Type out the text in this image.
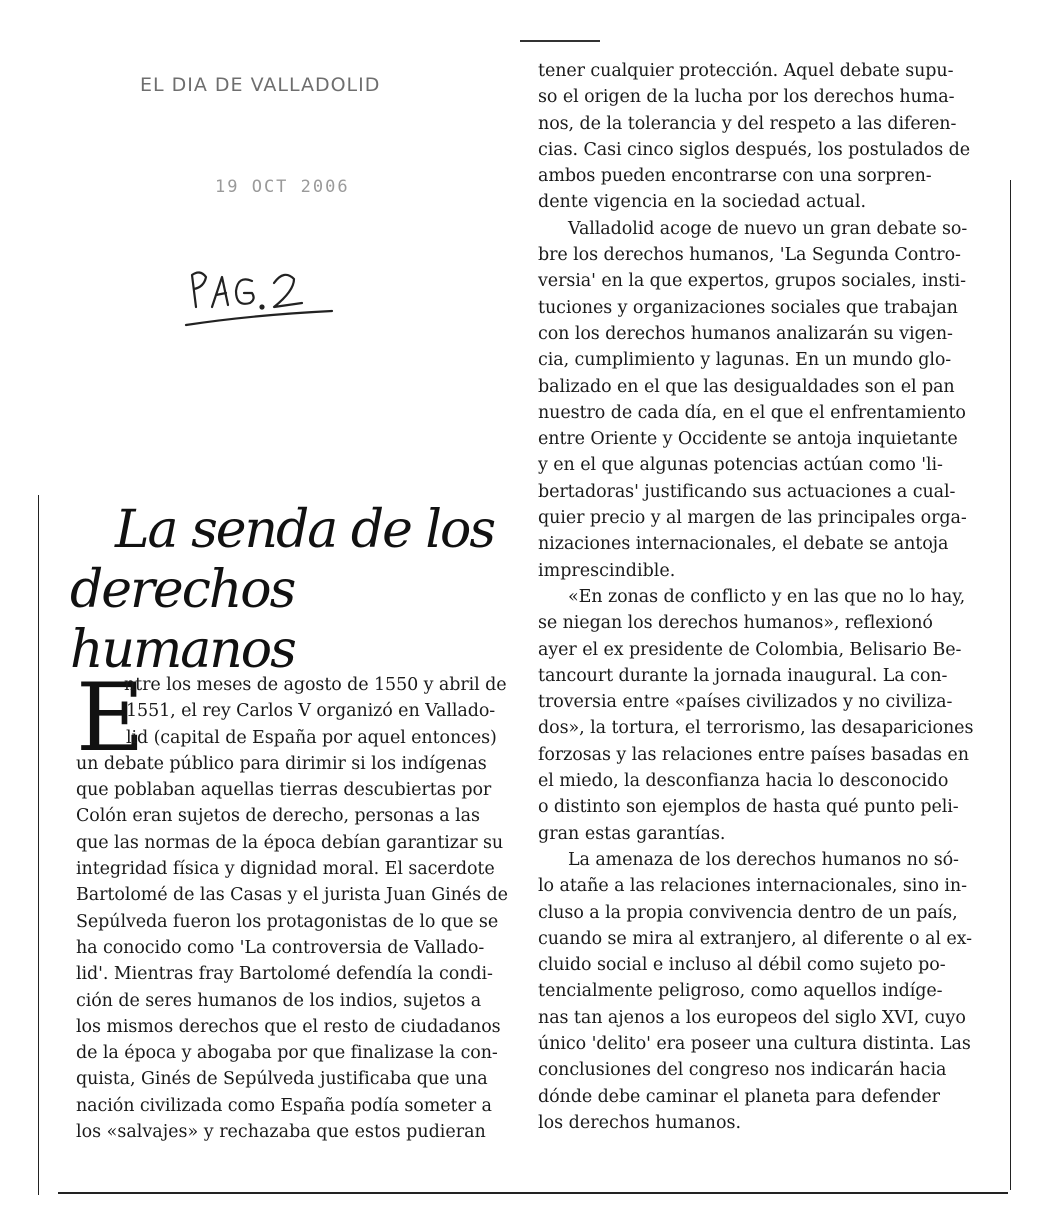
EL DIA DE VALLADOLID
19 OCT 2006
La senda de los
derechos humanos
E
ntre los meses de agosto de 1550 y abril de
1551, el rey Carlos V organizó en Vallado-
lid (capital de España por aquel entonces)
un debate público para dirimir si los indígenas
que poblaban aquellas tierras descubiertas por
Colón eran sujetos de derecho, personas a las
que las normas de la época debían garantizar su
integridad física y dignidad moral. El sacerdote
Bartolomé de las Casas y el jurista Juan Ginés de
Sepúlveda fueron los protagonistas de lo que se
ha conocido como 'La controversia de Vallado-
lid'. Mientras fray Bartolomé defendía la condi-
ción de seres humanos de los indios, sujetos a
los mismos derechos que el resto de ciudadanos
de la época y abogaba por que finalizase la con-
quista, Ginés de Sepúlveda justificaba que una
nación civilizada como España podía someter a
los «salvajes» y rechazaba que estos pudieran
tener cualquier protección. Aquel debate supu-
so el origen de la lucha por los derechos huma-
nos, de la tolerancia y del respeto a las diferen-
cias. Casi cinco siglos después, los postulados de
ambos pueden encontrarse con una sorpren-
dente vigencia en la sociedad actual.
Valladolid acoge de nuevo un gran debate so-
bre los derechos humanos, 'La Segunda Contro-
versia' en la que expertos, grupos sociales, insti-
tuciones y organizaciones sociales que trabajan
con los derechos humanos analizarán su vigen-
cia, cumplimiento y lagunas. En un mundo glo-
balizado en el que las desigualdades son el pan
nuestro de cada día, en el que el enfrentamiento
entre Oriente y Occidente se antoja inquietante
y en el que algunas potencias actúan como 'li-
bertadoras' justificando sus actuaciones a cual-
quier precio y al margen de las principales orga-
nizaciones internacionales, el debate se antoja
imprescindible.
«En zonas de conflicto y en las que no lo hay,
se niegan los derechos humanos», reflexionó
ayer el ex presidente de Colombia, Belisario Be-
tancourt durante la jornada inaugural. La con-
troversia entre «países civilizados y no civiliza-
dos», la tortura, el terrorismo, las desapariciones
forzosas y las relaciones entre países basadas en
el miedo, la desconfianza hacia lo desconocido
o distinto son ejemplos de hasta qué punto peli-
gran estas garantías.
La amenaza de los derechos humanos no só-
lo atañe a las relaciones internacionales, sino in-
cluso a la propia convivencia dentro de un país,
cuando se mira al extranjero, al diferente o al ex-
cluido social e incluso al débil como sujeto po-
tencialmente peligroso, como aquellos indíge-
nas tan ajenos a los europeos del siglo XVI, cuyo
único 'delito' era poseer una cultura distinta. Las
conclusiones del congreso nos indicarán hacia
dónde debe caminar el planeta para defender
los derechos humanos.
